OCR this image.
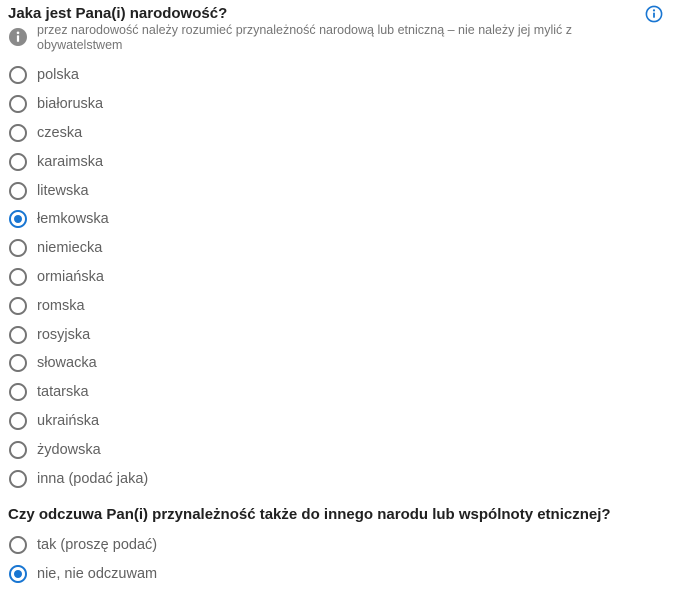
Jaka jest Pana(i) narodowość?
przez narodowość należy rozumieć przynależność narodową lub etniczną – nie należy jej mylić z obywatelstwem
polska
białoruska
czeska
karaimska
litewska
łemkowska
niemiecka
ormiańska
romska
rosyjska
słowacka
tatarska
ukraińska
żydowska
inna (podać jaka)
Czy odczuwa Pan(i) przynależność także do innego narodu lub wspólnoty etnicznej?
tak (proszę podać)
nie, nie odczuwam
